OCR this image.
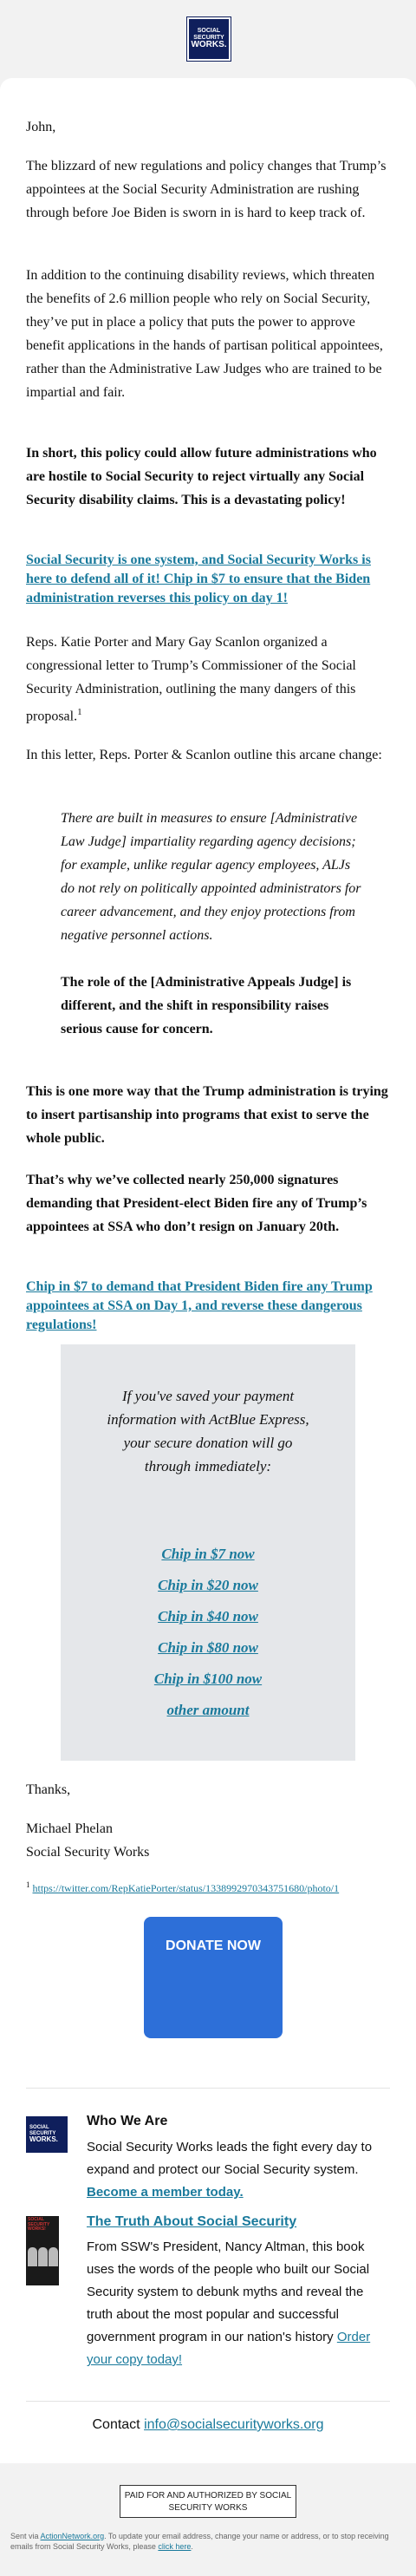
SOCIAL
SECURITY
WORKS.
John,
The blizzard of new regulations and policy changes that Trump’s appointees at the Social Security Administration are rushing through before Joe Biden is sworn in is hard to keep track of.
In addition to the continuing disability reviews, which threaten the benefits of 2.6 million people who rely on Social Security, they’ve put in place a policy that puts the power to approve benefit applications in the hands of partisan political appointees, rather than the Administrative Law Judges who are trained to be impartial and fair.
In short, this policy could allow future administrations who are hostile to Social Security to reject virtually any Social Security disability claims. This is a devastating policy!
Social Security is one system, and Social Security Works is here to defend all of it! Chip in $7 to ensure that the Biden administration reverses this policy on day 1!
Reps. Katie Porter and Mary Gay Scanlon organized a congressional letter to Trump’s Commissioner of the Social Security Administration, outlining the many dangers of this proposal.$^1$
In this letter, Reps. Porter & Scanlon outline this arcane change:
There are built in measures to ensure [Administrative Law Judge] impartiality regarding agency decisions; for example, unlike regular agency employees, ALJs do not rely on politically appointed administrators for career advancement, and they enjoy protections from negative personnel actions.
The role of the [Administrative Appeals Judge] is different, and the shift in responsibility raises serious cause for concern.
This is one more way that the Trump administration is trying to insert partisanship into programs that exist to serve the whole public.
That’s why we’ve collected nearly 250,000 signatures demanding that President-elect Biden fire any of Trump’s appointees at SSA who don’t resign on January 20th.
Chip in $7 to demand that President Biden fire any Trump appointees at SSA on Day 1, and reverse these dangerous regulations!
If you've saved your payment information with ActBlue Express, your secure donation will go through immediately:
Chip in $7 now
Chip in $20 now
Chip in $40 now
Chip in $80 now
Chip in $100 now
other amount
Thanks,
Michael Phelan
Social Security Works
$^1$ https://twitter.com/RepKatiePorter/status/1338992970343751680/photo/1
DONATE NOW
SOCIAL
SECURITY
WORKS.
Who We Are
Social Security Works leads the fight every day to expand and protect our Social Security system. Become a member today.
SOCIAL SECURITY WORKS!	The Truth About Social Security
From SSW's President, Nancy Altman, this book uses the words of the people who built our Social Security system to debunk myths and reveal the truth about the most popular and successful government program in our nation's history Order your copy today!
Contact info@socialsecurityworks.org
PAID FOR AND AUTHORIZED BY SOCIAL SECURITY WORKS
Sent via ActionNetwork.org. To update your email address, change your name or address, or to stop receiving emails from Social Security Works, please click here.
